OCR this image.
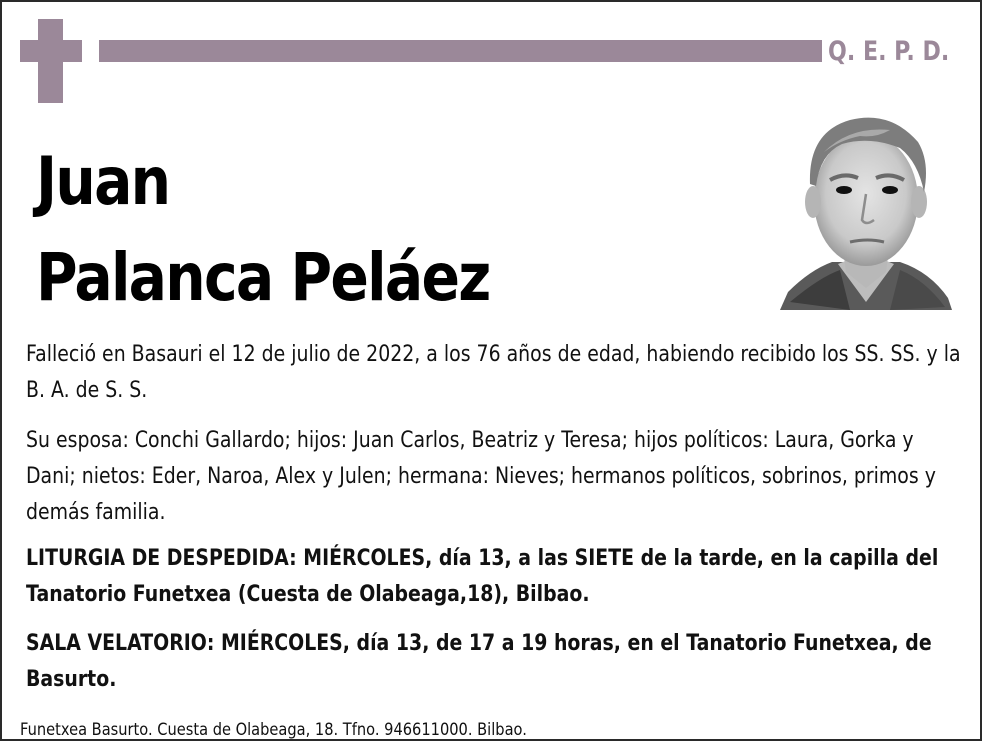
Q. E. P. D.
Juan
Palanca Peláez
Falleció en Basauri el 12 de julio de 2022, a los 76 años de edad, habiendo recibido los SS. SS. y la B. A. de S. S.
Su esposa: Conchi Gallardo; hijos: Juan Carlos, Beatriz y Teresa; hijos políticos: Laura, Gorka y Dani; nietos: Eder, Naroa, Alex y Julen; hermana: Nieves; hermanos políticos, sobrinos, primos y demás familia.
LITURGIA DE DESPEDIDA: MIÉRCOLES, día 13, a las SIETE de la tarde, en la capilla del Tanatorio Funetxea (Cuesta de Olabeaga,18), Bilbao.
SALA VELATORIO: MIÉRCOLES, día 13, de 17 a 19 horas, en el Tanatorio Funetxea, de Basurto.
Funetxea Basurto. Cuesta de Olabeaga, 18. Tfno. 946611000. Bilbao.
